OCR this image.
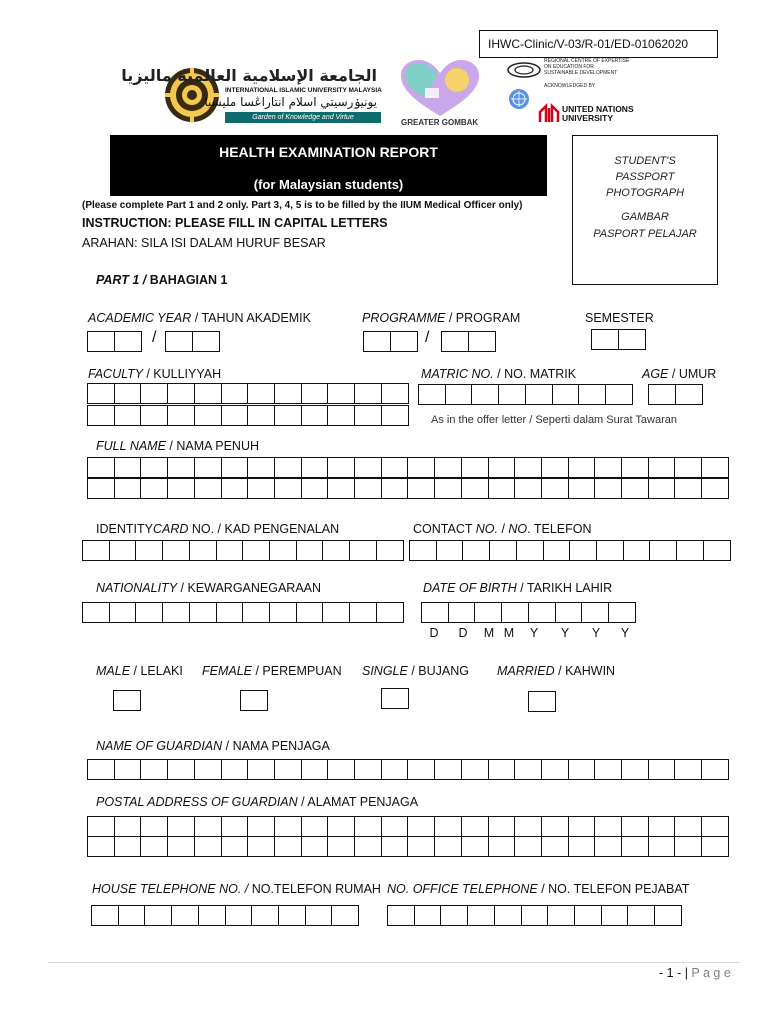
IHWC-Clinic/V-03/R-01/ED-01062020
الجامعة الإسلامية العالمية ماليزيا
INTERNATIONAL ISLAMIC UNIVERSITY MALAYSIA
يونيۏرسيتي اسلام انتاراڠسا مليسيا
Garden of Knowledge and Virtue
GREATER GOMBAK
REGIONAL CENTRE OF EXPERTISE
ON EDUCATION FOR
SUSTAINABLE DEVELOPMENT
ACKNOWLEDGED BY
UNITED NATIONS
UNIVERSITY
HEALTH EXAMINATION REPORT
(for Malaysian students)
STUDENT'S
PASSPORT
PHOTOGRAPH
GAMBAR
PASPORT PELAJAR
(Please complete Part 1 and 2 only. Part 3, 4, 5 is to be filled by the IIUM Medical Officer only)
INSTRUCTION: PLEASE FILL IN CAPITAL LETTERS
ARAHAN: SILA ISI DALAM HURUF BESAR
PART 1 / BAHAGIAN 1
ACADEMIC YEAR / TAHUN AKADEMIK
/
PROGRAMME / PROGRAM
/
SEMESTER
FACULTY / KULLIYYAH	MATRIC NO. / NO. MATRIK	AGE / UMUR
As in the offer letter / Seperti dalam Surat Tawaran
FULL NAME / NAMA PENUH
IDENTITYCARD NO. / KAD PENGENALAN	CONTACT NO. / NO. TELEFON
NATIONALITY / KEWARGANEGARAAN	DATE OF BIRTH / TARIKH LAHIR
D	D	M M	Y	Y	Y	Y
MALE / LELAKI FEMALE / PEREMPUAN SINGLE / BUJANG MARRIED / KAHWIN
NAME OF GUARDIAN / NAMA PENJAGA
POSTAL ADDRESS OF GUARDIAN / ALAMAT PENJAGA
HOUSE TELEPHONE NO. / NO.TELEFON RUMAH NO. OFFICE TELEPHONE / NO. TELEFON PEJABAT
- 1 - | P a g e
